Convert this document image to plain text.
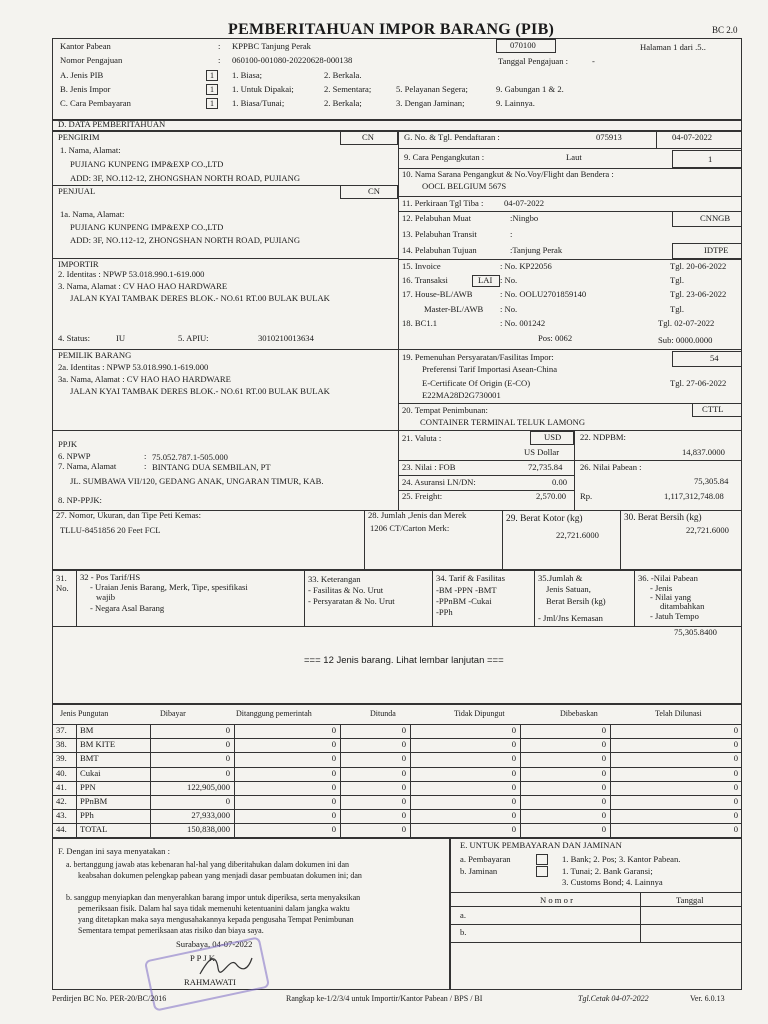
PEMBERITAHUAN IMPOR BARANG (PIB)	BC 2.0
Kantor Pabean	: KPPBC Tanjung Perak	070100	Halaman 1 dari .5..
Nomor Pengajuan	: 060100-001080-20220628-000138	Tanggal Pengajuan :	-
A. Jenis PIB	1	1. Biasa;	2. Berkala.
B. Jenis Impor	1	1. Untuk Dipakai;	2. Sementara;	5. Pelayanan Segera;	9. Gabungan 1 & 2.
C. Cara Pembayaran	1	1. Biasa/Tunai;	2. Berkala;	3. Dengan Jaminan;	9. Lainnya.
D. DATA PEMBERITAHUAN
PENGIRIM	CN
1. Nama, Alamat:
PUJIANG KUNPENG IMP&EXP CO.,LTD
ADD: 3F, NO.112-12, ZHONGSHAN NORTH ROAD, PUJIANG
PENJUAL	CN
1a. Nama, Alamat:
PUJIANG KUNPENG IMP&EXP CO.,LTD
ADD: 3F, NO.112-12, ZHONGSHAN NORTH ROAD, PUJIANG
IMPORTIR
2. Identitas : NPWP 53.018.990.1-619.000
3. Nama, Alamat : CV HAO HAO HARDWARE
JALAN KYAI TAMBAK DERES BLOK.- NO.61 RT.00 BULAK BULAK
4. Status:	IU	5. APIU:	3010210013634
PEMILIK BARANG
2a. Identitas : NPWP 53.018.990.1-619.000
3a. Nama, Alamat : CV HAO HAO HARDWARE
JALAN KYAI TAMBAK DERES BLOK.- NO.61 RT.00 BULAK BULAK
PPJK
6. NPWP	: 75.052.787.1-505.000
7. Nama, Alamat	: BINTANG DUA SEMBILAN, PT
JL. SUMBAWA VII/120, GEDANG ANAK, UNGARAN TIMUR, KAB.
8. NP-PPJK:
G. No. & Tgl. Pendaftaran :	075913	04-07-2022
9. Cara Pengangkutan :	Laut	1
10. Nama Sarana Pengangkut & No.Voy/Flight dan Bendera :
OOCL BELGIUM 567S
11. Perkiraan Tgl Tiba : 04-07-2022
12. Pelabuhan Muat	:Ningbo	CNNGB
13. Pelabuhan Transit	:
14. Pelabuhan Tujuan	:Tanjung Perak	IDTPE
15. Invoice	: No. KP22056	Tgl. 20-06-2022
16. Transaksi	LAI : No.	Tgl.
17. House-BL/AWB	: No. OOLU2701859140	Tgl. 23-06-2022
Master-BL/AWB : No.	Tgl.
18. BC1.1	: No. 001242	Tgl. 02-07-2022
Pos: 0062	Sub: 0000.0000
19. Pemenuhan Persyaratan/Fasilitas Impor:	54
Preferensi Tarif Importasi Asean-China
E-Certificate Of Origin (E-CO)	Tgl. 27-06-2022
E22MA28D2G730001
20. Tempat Penimbunan:	CTTL
CONTAINER TERMINAL TELUK LAMONG
21. Valuta :	USD 22. NDPBM:
US Dollar	14,837.0000
23. Nilai : FOB	72,735.84 26. Nilai Pabean :
75,305.84
24. Asuransi LN/DN:	0.00
25. Freight:	2,570.00 Rp.	1,117,312,748.08
27. Nomor, Ukuran, dan Tipe Peti Kemas:
TLLU-8451856 20 Feet FCL
28. Jumlah ,Jenis dan Merek
1206 CT/Carton Merk:
29. Berat Kotor (kg)
22,721.6000
30. Berat Bersih (kg)
22,721.6000
31.
No.
32 - Pos Tarif/HS
- Uraian Jenis Barang, Merk, Tipe, spesifikasi
wajib
- Negara Asal Barang
33. Keterangan
- Fasilitas & No. Urut
- Persyaratan & No. Urut
34. Tarif & Fasilitas
-BM -PPN -BMT
-PPnBM -Cukai
-PPh
35.Jumlah &
Jenis Satuan,
Berat Bersih (kg)
- Jml/Jns Kemasan
36. -Nilai Pabean
- Jenis
- Nilai yang
ditambahkan
- Jatuh Tempo
75,305.8400
=== 12 Jenis barang. Lihat lembar lanjutan ===
Jenis Pungutan	Dibayar	Ditanggung pemerintah	Ditunda	Tidak Dipungut	Dibebaskan	Telah Dilunasi
37. BM	0	0	0	0	0	0
38. BM KITE	0	0	0	0	0	0
39. BMT	0	0	0	0	0	0
40. Cukai	0	0	0	0	0	0
41. PPN	122,905,000	0	0	0	0	0
42. PPnBM	0	0	0	0	0	0
43. PPh	27,933,000	0	0	0	0	0
44. TOTAL	150,838,000	0	0	0	0	0
F. Dengan ini saya menyatakan :
a. bertanggung jawab atas kebenaran hal-hal yang diberitahukan dalam dokumen ini dan
keabsahan dokumen pelengkap pabean yang menjadi dasar pembuatan dokumen ini; dan
b. sanggup menyiapkan dan menyerahkan barang impor untuk diperiksa, serta menyaksikan
pemeriksaan fisik. Dalam hal saya tidak memenuhi ketentuanini dalam jangka waktu
yang ditetapkan maka saya mengusahakannya kepada pengusaha Tempat Penimbunan
Sementara tempat pemeriksaan atas risiko dan biaya saya.
Surabaya, 04-07-2022
P P J K
RAHMAWATI
E. UNTUK PEMBAYARAN DAN JAMINAN
a. Pembayaran	1. Bank; 2. Pos; 3. Kantor Pabean.
b. Jaminan	1. Tunai; 2. Bank Garansi;
3. Customs Bond; 4. Lainnya
N o m o r	Tanggal
a.
b.
Perdirjen BC No. PER-20/BC/2016	Rangkap ke-1/2/3/4 untuk Importir/Kantor Pabean / BPS / BI	Tgl.Cetak 04-07-2022	Ver. 6.0.13
